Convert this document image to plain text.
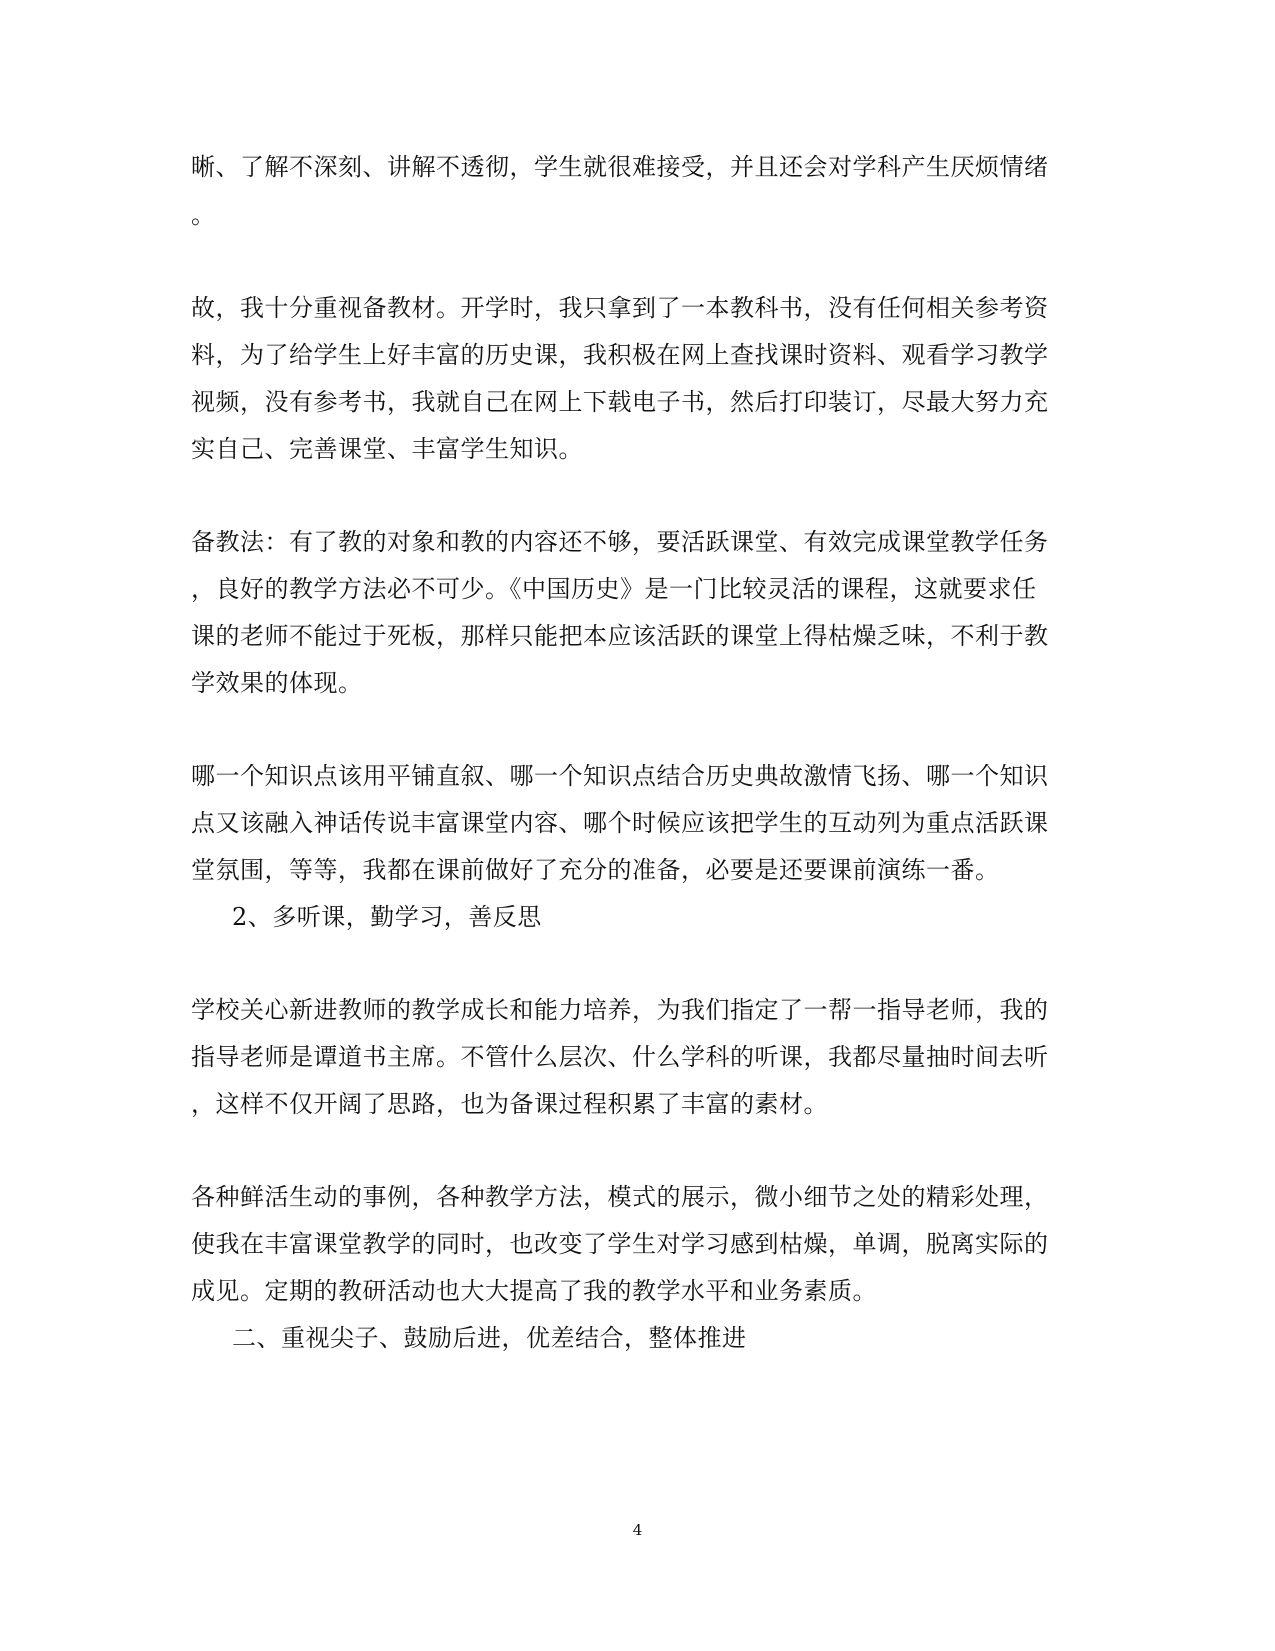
晰、了解不深刻、讲解不透彻，学生就很难接受，并且还会对学科产生厌烦情绪
。
故，我十分重视备教材。开学时，我只拿到了一本教科书，没有任何相关参考资
料，为了给学生上好丰富的历史课，我积极在网上查找课时资料、观看学习教学
视频，没有参考书，我就自己在网上下载电子书，然后打印装订，尽最大努力充
实自己、完善课堂、丰富学生知识。
备教法：有了教的对象和教的内容还不够，要活跃课堂、有效完成课堂教学任务
，良好的教学方法必不可少。《中国历史》是一门比较灵活的课程，这就要求任
课的老师不能过于死板，那样只能把本应该活跃的课堂上得枯燥乏味，不利于教
学效果的体现。
哪一个知识点该用平铺直叙、哪一个知识点结合历史典故激情飞扬、哪一个知识
点又该融入神话传说丰富课堂内容、哪个时候应该把学生的互动列为重点活跃课
堂氛围，等等，我都在课前做好了充分的准备，必要是还要课前演练一番。
2、多听课，勤学习，善反思
学校关心新进教师的教学成长和能力培养，为我们指定了一帮一指导老师，我的
指导老师是谭道书主席。不管什么层次、什么学科的听课，我都尽量抽时间去听
，这样不仅开阔了思路，也为备课过程积累了丰富的素材。
各种鲜活生动的事例，各种教学方法，模式的展示，微小细节之处的精彩处理，
使我在丰富课堂教学的同时，也改变了学生对学习感到枯燥，单调，脱离实际的
成见。定期的教研活动也大大提高了我的教学水平和业务素质。
二、重视尖子、鼓励后进，优差结合，整体推进
4
